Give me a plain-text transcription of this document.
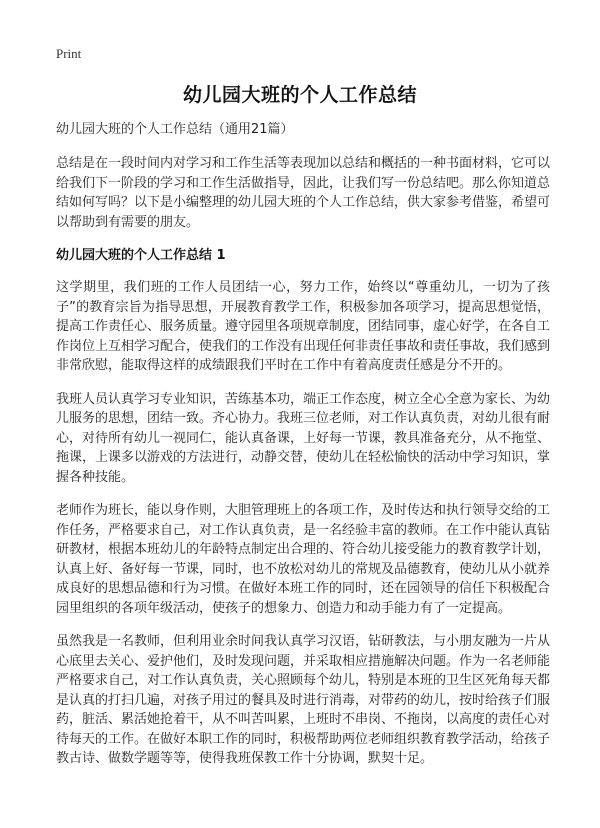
Print
幼儿园大班的个人工作总结
幼儿园大班的个人工作总结（通用21篇）

总结是在一段时间内对学习和工作生活等表现加以总结和概括的一种书面材料，它可以给我们下一阶段的学习和工作生活做指导，因此，让我们写一份总结吧。那么你知道总结如何写吗？以下是小编整理的幼儿园大班的个人工作总结，供大家参考借鉴，希望可以帮助到有需要的朋友。

幼儿园大班的个人工作总结 1

这学期里，我们班的工作人员团结一心，努力工作，始终以“尊重幼儿，一切为了孩子”的教育宗旨为指导思想，开展教育教学工作，积极参加各项学习，提高思想觉悟，提高工作责任心、服务质量。遵守园里各项规章制度，团结同事，虚心好学，在各自工作岗位上互相学习配合，使我们的工作没有出现任何非责任事故和责任事故，我们感到非常欣慰，能取得这样的成绩跟我们平时在工作中有着高度责任感是分不开的。

我班人员认真学习专业知识，苦练基本功，端正工作态度，树立全心全意为家长、为幼儿服务的思想，团结一致。齐心协力。我班三位老师，对工作认真负责，对幼儿很有耐心，对待所有幼儿一视同仁，能认真备课，上好每一节课，教具准备充分，从不拖堂、拖课，上课多以游戏的方法进行，动静交替，使幼儿在轻松愉快的活动中学习知识，掌握各种技能。

老师作为班长，能以身作则，大胆管理班上的各项工作，及时传达和执行领导交给的工作任务，严格要求自己，对工作认真负责，是一名经验丰富的教师。在工作中能认真钻研教材，根据本班幼儿的年龄特点制定出合理的、符合幼儿接受能力的教育教学计划，认真上好、备好每一节课，同时，也不放松对幼儿的常规及品德教育，使幼儿从小就养成良好的思想品德和行为习惯。在做好本班工作的同时，还在园领导的信任下积极配合园里组织的各项年级活动，使孩子的想象力、创造力和动手能力有了一定提高。

虽然我是一名教师，但利用业余时间我认真学习汉语，钻研教法，与小朋友融为一片从心底里去关心、爱护他们，及时发现问题，并采取相应措施解决问题。作为一名老师能严格要求自己，对工作认真负责，关心照顾每个幼儿，特别是本班的卫生区死角每天都是认真的打扫几遍，对孩子用过的餐具及时进行消毒，对带药的幼儿，按时给孩子们服药，脏活、累活她抢着干，从不叫苦叫累，上班时不串岗、不拖岗，以高度的责任心对待每天的工作。在做好本职工作的同时，积极帮助两位老师组织教育教学活动，给孩子教古诗、做数学题等等，使得我班保教工作十分协调，默契十足。
